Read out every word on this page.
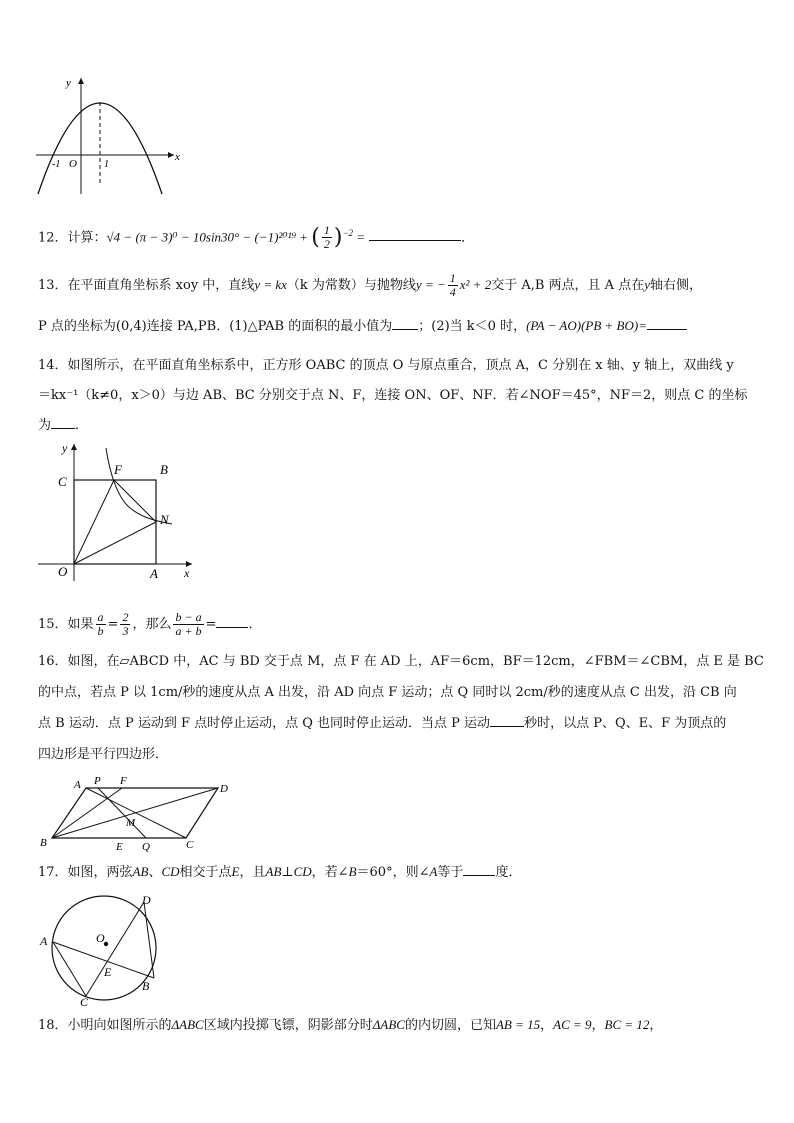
y
x
O
-1	1
12．计算：√4 − (π − 3)⁰ − 10sin30° − (−1)²⁰¹⁹ + ( $\frac{1}{2} )^{-2}$ =	．
13．在平面直角坐标系 xoy 中，直线y = kx（k 为常数）与抛物线y = − $\frac{1}{4} x^2 + 2$交于 A,B 两点，且 A 点在y轴右侧，
P 点的坐标为(0,4)连接 PA,PB．(1)△PAB 的面积的最小值为 ；(2)当 k＜0 时，(PA − AO)(PB + BO)=
14．如图所示，在平面直角坐标系中，正方形 OABC 的顶点 O 与原点重合，顶点 A，C 分别在 x 轴、y 轴上，双曲线 y
＝kx⁻¹（k≠0，x＞0）与边 AB、BC 分别交于点 N、F，连接 ON、OF、NF．若∠NOF＝45°，NF＝2，则点 C 的坐标
为 ．
y
x
O	A
B
C
F
N
15．如果 $\frac{a}{b} = \frac{2}{3}$ ，那么 $\frac{b - a}{a + b}$ = ．
16．如图，在▱ABCD 中，AC 与 BD 交于点 M，点 F 在 AD 上，AF＝6cm，BF＝12cm，∠FBM＝∠CBM，点 E 是 BC
的中点，若点 P 以 1cm/秒的速度从点 A 出发，沿 AD 向点 F 运动；点 Q 同时以 2cm/秒的速度从点 C 出发，沿 CB 向
点 B 运动．点 P 运动到 F 点时停止运动，点 Q 也同时停止运动．当点 P 运动	秒时，以点 P、Q、E、F 为顶点的
四边形是平行四边形．
A P F
D
B	E Q
M
C
17．如图，两弦AB、CD相交于点E，且AB⊥CD，若∠B＝60°，则∠A等于 度．
A
B
C
D
E
O
18．小明向如图所示的ΔABC区域内投掷飞镖，阴影部分时ΔABC的内切圆，已知AB = 15，AC = 9，BC = 12，
